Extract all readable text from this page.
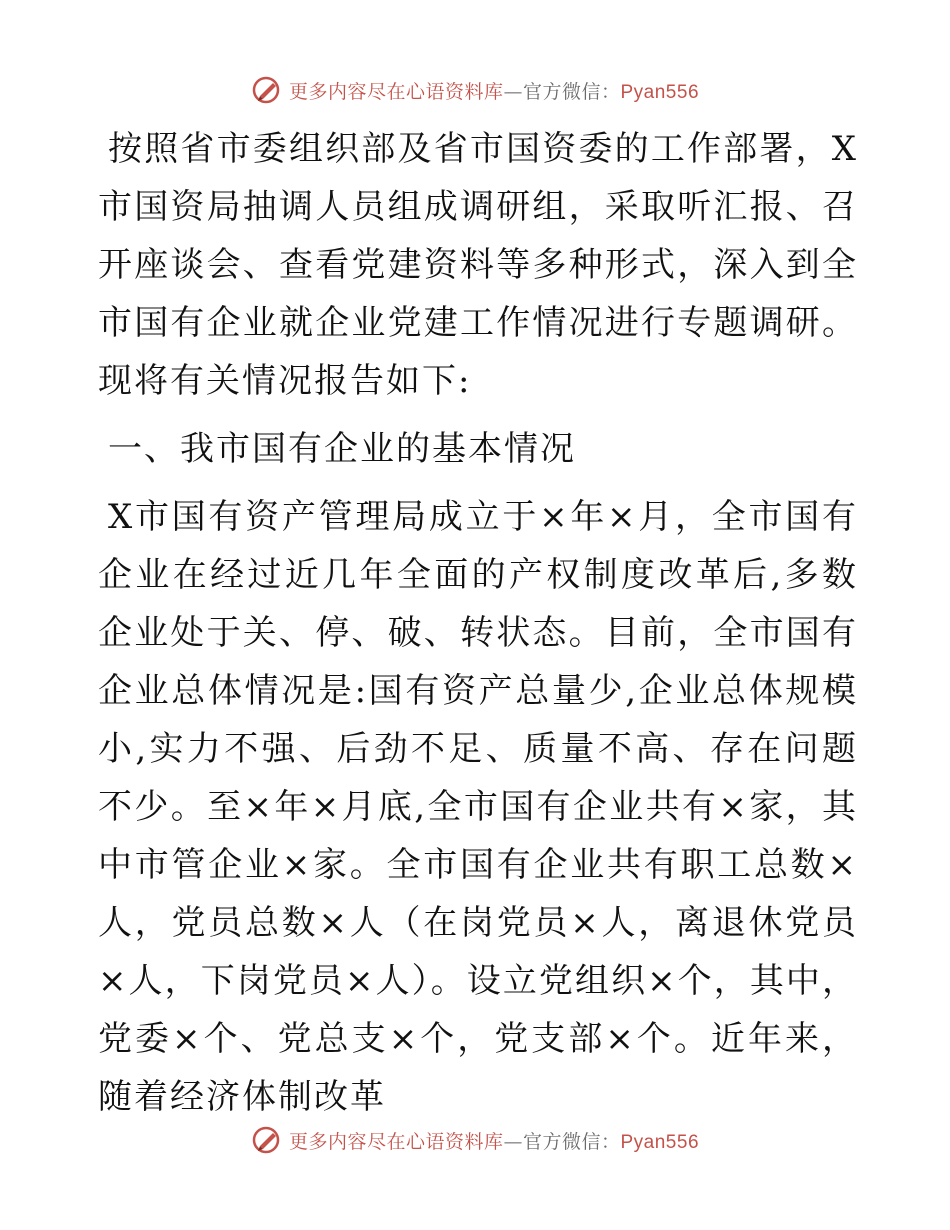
更多内容尽在心语资料库—官方微信：Pyan556

按照省市委组织部及省市国资委的工作部署，X市国资局抽调人员组成调研组，采取听汇报、召开座谈会、查看党建资料等多种形式，深入到全市国有企业就企业党建工作情况进行专题调研。现将有关情况报告如下:

一、我市国有企业的基本情况

X市国有资产管理局成立于×年×月，全市国有企业在经过近几年全面的产权制度改革后,多数企业处于关、停、破、转状态。目前，全市国有企业总体情况是:国有资产总量少,企业总体规模小,实力不强、后劲不足、质量不高、存在问题不少。至×年×月底,全市国有企业共有×家，其中市管企业×家。全市国有企业共有职工总数×人，党员总数×人（在岗党员×人，离退休党员×人，下岗党员×人）。设立党组织×个，其中，党委×个、党总支×个，党支部×个。近年来，随着经济体制改革

更多内容尽在心语资料库—官方微信：Pyan556
